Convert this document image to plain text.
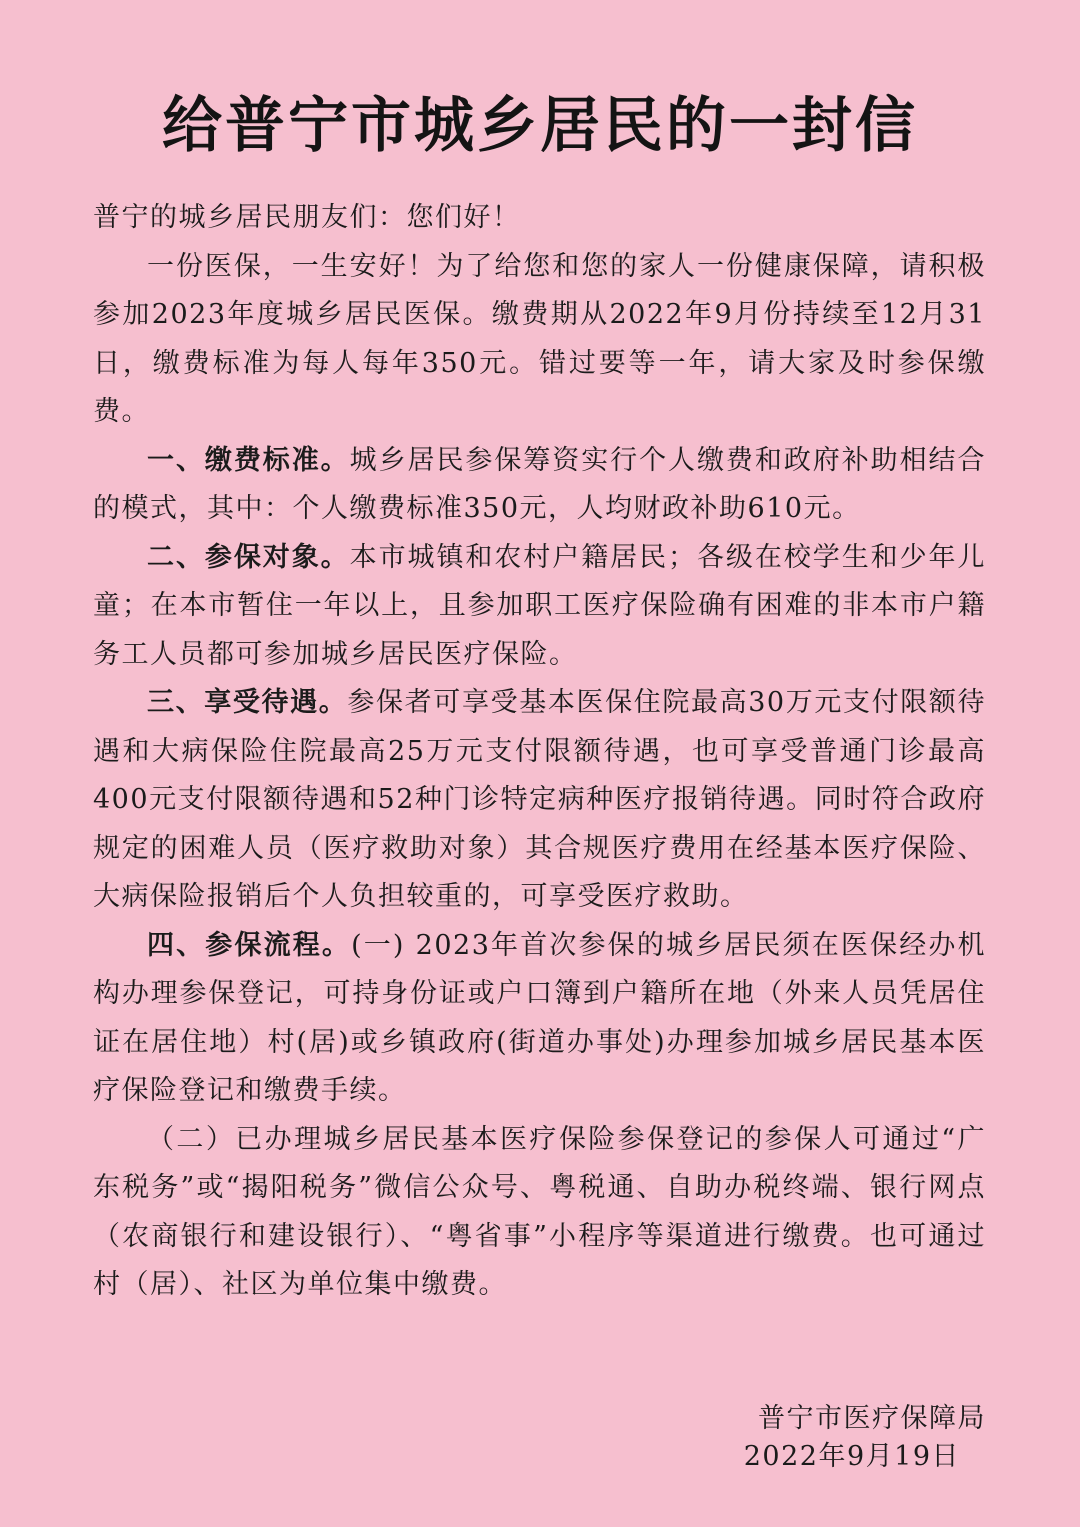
给普宁市城乡居民的一封信

普宁的城乡居民朋友们：您们好！

一份医保，一生安好！为了给您和您的家人一份健康保障，请积极参加2023年度城乡居民医保。缴费期从2022年9月份持续至12月31日，缴费标准为每人每年350元。错过要等一年，请大家及时参保缴费。

一、缴费标准。城乡居民参保筹资实行个人缴费和政府补助相结合的模式，其中：个人缴费标准350元，人均财政补助610元。

二、参保对象。本市城镇和农村户籍居民；各级在校学生和少年儿童；在本市暂住一年以上，且参加职工医疗保险确有困难的非本市户籍务工人员都可参加城乡居民医疗保险。

三、享受待遇。参保者可享受基本医保住院最高30万元支付限额待遇和大病保险住院最高25万元支付限额待遇，也可享受普通门诊最高400元支付限额待遇和52种门诊特定病种医疗报销待遇。同时符合政府规定的困难人员（医疗救助对象）其合规医疗费用在经基本医疗保险、大病保险报销后个人负担较重的，可享受医疗救助。

四、参保流程。(一) 2023年首次参保的城乡居民须在医保经办机构办理参保登记，可持身份证或户口簿到户籍所在地（外来人员凭居住证在居住地）村(居)或乡镇政府(街道办事处)办理参加城乡居民基本医疗保险登记和缴费手续。

（二）已办理城乡居民基本医疗保险参保登记的参保人可通过“广东税务”或“揭阳税务”微信公众号、粤税通、自助办税终端、银行网点（农商银行和建设银行）、“粤省事”小程序等渠道进行缴费。也可通过村（居）、社区为单位集中缴费。

普宁市医疗保障局
2022年9月19日
